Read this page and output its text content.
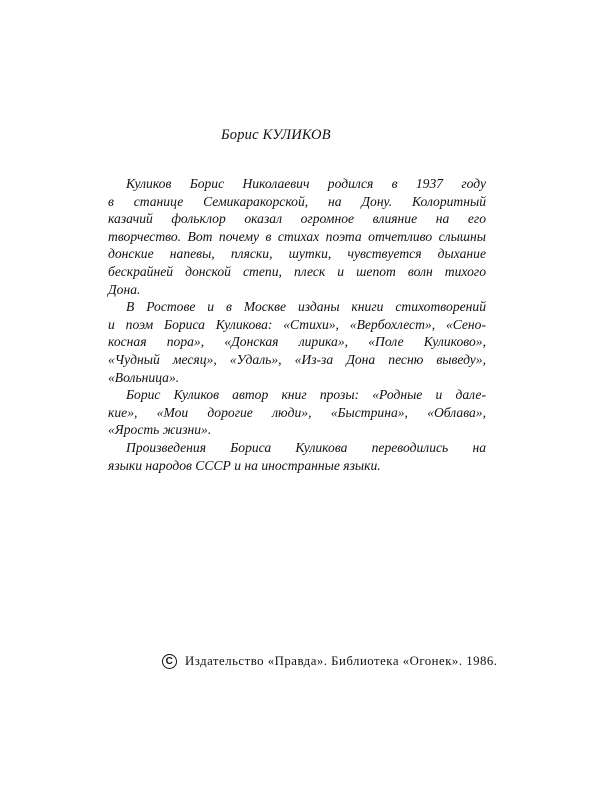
Борис КУЛИКОВ

Куликов Борис Николаевич родился в 1937 году
в станице Семикаракорской, на Дону. Колоритный
казачий фольклор оказал огромное влияние на его
творчество. Вот почему в стихах поэта отчетливо слышны
донские напевы, пляски, шутки, чувствуется дыхание
бескрайней донской степи, плеск и шепот волн тихого
Дона.

В Ростове и в Москве изданы книги стихотворений
и поэм Бориса Куликова: «Стихи», «Вербохлест», «Сено-
косная пора», «Донская лирика», «Поле Куликово»,
«Чудный месяц», «Удаль», «Из-за Дона песню выведу»,
«Вольница».

Борис Куликов автор книг прозы: «Родные и дале-
кие», «Мои дорогие люди», «Быстрина», «Облава»,
«Ярость жизни».

Произведения Бориса Куликова переводились на
языки народов СССР и на иностранные языки.

C Издательство «Правда». Библиотека «Огонек». 1986.
